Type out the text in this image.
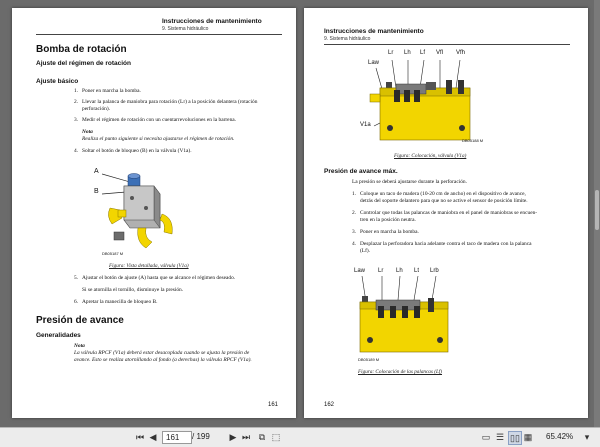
Instrucciones de mantenimiento
9. Sistema hidráulico
Bomba de rotación
Ajuste del régimen de rotación
Ajuste básico
1. Poner en marcha la bomba.
2. Llevar la palanca de maniobra para rotación (Lr) a la posición delantera (rotación
perforación).
3. Medir el régimen de rotación con un cuentarrevoluciones en la barrena.
Nota
Realiza el punto siguiente si necesita ajustarse el régimen de rotación.
4. Soltar el botón de bloqueo (B) en la válvula (V1a).
A
B
DB05187 M
Figura: Vista detallada, válvula (V1a)
5. Ajustar el botón de ajuste (A) hasta que se alcance el régimen deseado.
Si se atornilla el tornillo, disminuye la presión.
6. Apretar la manecilla de bloqueo B.
Presión de avance
Generalidades
Nota
La válvula RPCF (V1a) deberá estar desacoplada cuando se ajusta la presión de
avance. Esto se realiza atornillando al fondo (a derechas) la válvula RPCF (V1a).
161
Instrucciones de mantenimiento
9. Sistema hidráulico
Law
Lr Lh Lf Vfl Vfh
V1a
DB05188 M
Figura: Colocación, válvula (V1a)
Presión de avance máx.
La presión se deberá ajustarse durante la perforación.
1. Coloque un taco de madera (10-20 cm de ancho) en el dispositivo de avance,
detrás del soporte delantero para que no se active el sensor de posición límite.
2. Controlar que todas las palancas de maniobra en el panel de maniobras se encuen-
tren en la posición neutra.
3. Poner en marcha la bomba.
4. Desplazar la perforadora hacia adelante contra el taco de madera con la palanca
(Lf).
Law Lr Lh Lt Lrb
DB05189 M
Figura: Colocación de las palancas (Lf)
162
⏮ ◀	161	/ 199 ▶ ⏭ ⧉ ⬚	▭ ☰ ▯▯ ▦ 65.42%	▾
